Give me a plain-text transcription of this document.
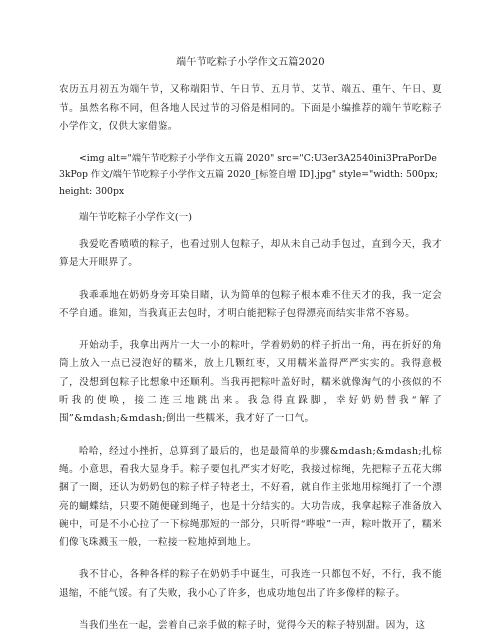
端午节吃粽子小学作文五篇2020
农历五月初五为端午节，又称端阳节、午日节、五月节、艾节、端五、重午、午日、夏节。虽然名称不同，但各地人民过节的习俗是相同的。下面是小编推荐的端午节吃粽子小学作文，仅供大家借鉴。
<img alt="端午节吃粽子小学作文五篇 2020" src="C:U3er3A2540ini3PraPorDe3kPop 作文/端午节吃粽子小学作文五篇 2020_[标签自增 ID].jpg" style="width: 500px; height: 300px
端午节吃粽子小学作文(一)
我爱吃香喷喷的粽子，也看过别人包粽子，却从未自己动手包过，直到今天，我才算是大开眼界了。
我乖乖地在奶奶身旁耳染目睹，认为简单的包粽子根本难不住天才的我，我一定会不学自通。谁知，当我真正去包时，才明白能把粽子包得漂亮而结实非常不容易。
开始动手，我拿出两片一大一小的粽叶，学着奶奶的样子折出一角，再在折好的角筒上放入一点已浸泡好的糯米，放上几颗红枣，又用糯米盖得严严实实的。我得意极了，没想到包粽子比想象中还顺利。当我再把粽叶盖好时，糯米就像淘气的小孩似的不听我的使唤，接二连三地跳出来。我急得直跺脚，幸好奶奶替我“解了围”&mdash;&mdash;倒出一些糯米，我才好了一口气。
哈哈，经过小挫折，总算到了最后的，也是最简单的步骤&mdash;&mdash;扎棕绳。小意思，看我大显身手。粽子要包扎严实才好吃，我接过棕绳，先把粽子五花大绑捆了一圈，还认为奶奶包的粽子样子特老土，不好看，就自作主张地用棕绳打了一个漂亮的蝴蝶结，只要不随便碰到绳子，也是十分结实的。大功告成，我拿起粽子准备放入碗中，可是不小心拉了一下棕绳那短的一部分，只听得“哗啦”一声，粽叶散开了，糯米们像飞珠溅玉一般，一粒接一粒地掉到地上。
我不甘心，各种各样的粽子在奶奶手中诞生，可我连一只都包不好，不行，我不能退缩，不能气馁。有了失败，我小心了许多，也成功地包出了许多像样的粽子。
当我们坐在一起，尝着自己亲手做的粽子时，觉得今天的粽子特别甜。因为，这
